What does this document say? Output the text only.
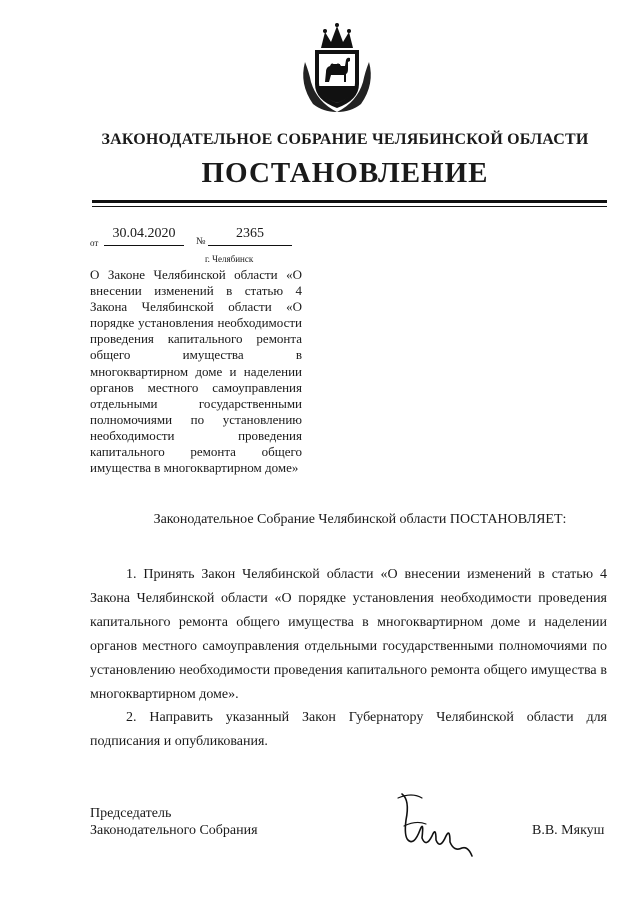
ЗАКОНОДАТЕЛЬНОЕ СОБРАНИЕ ЧЕЛЯБИНСКОЙ ОБЛАСТИ
ПОСТАНОВЛЕНИЕ
от
30.04.2020
№
2365
г. Челябинск

О Законе Челябинской области «О внесении изменений в статью 4 Закона Челябинской области «О порядке установления необходимости проведения капитального ремонта общего имущества в многоквартирном доме и наделении органов местного самоуправления отдельными государственными полномочиями по установлению необходимости проведения капитального ремонта общего имущества в многоквартирном доме»

Законодательное Собрание Челябинской области ПОСТАНОВЛЯЕТ:

1. Принять Закон Челябинской области «О внесении изменений в статью 4 Закона Челябинской области «О порядке установления необходимости проведения капитального ремонта общего имущества в многоквартирном доме и наделении органов местного самоуправления отдельными государственными полномочиями по установлению необходимости проведения капитального ремонта общего имущества в многоквартирном доме».

2. Направить указанный Закон Губернатору Челябинской области для подписания и опубликования.

Председатель
Законодательного Собрания	В.В. Мякуш
